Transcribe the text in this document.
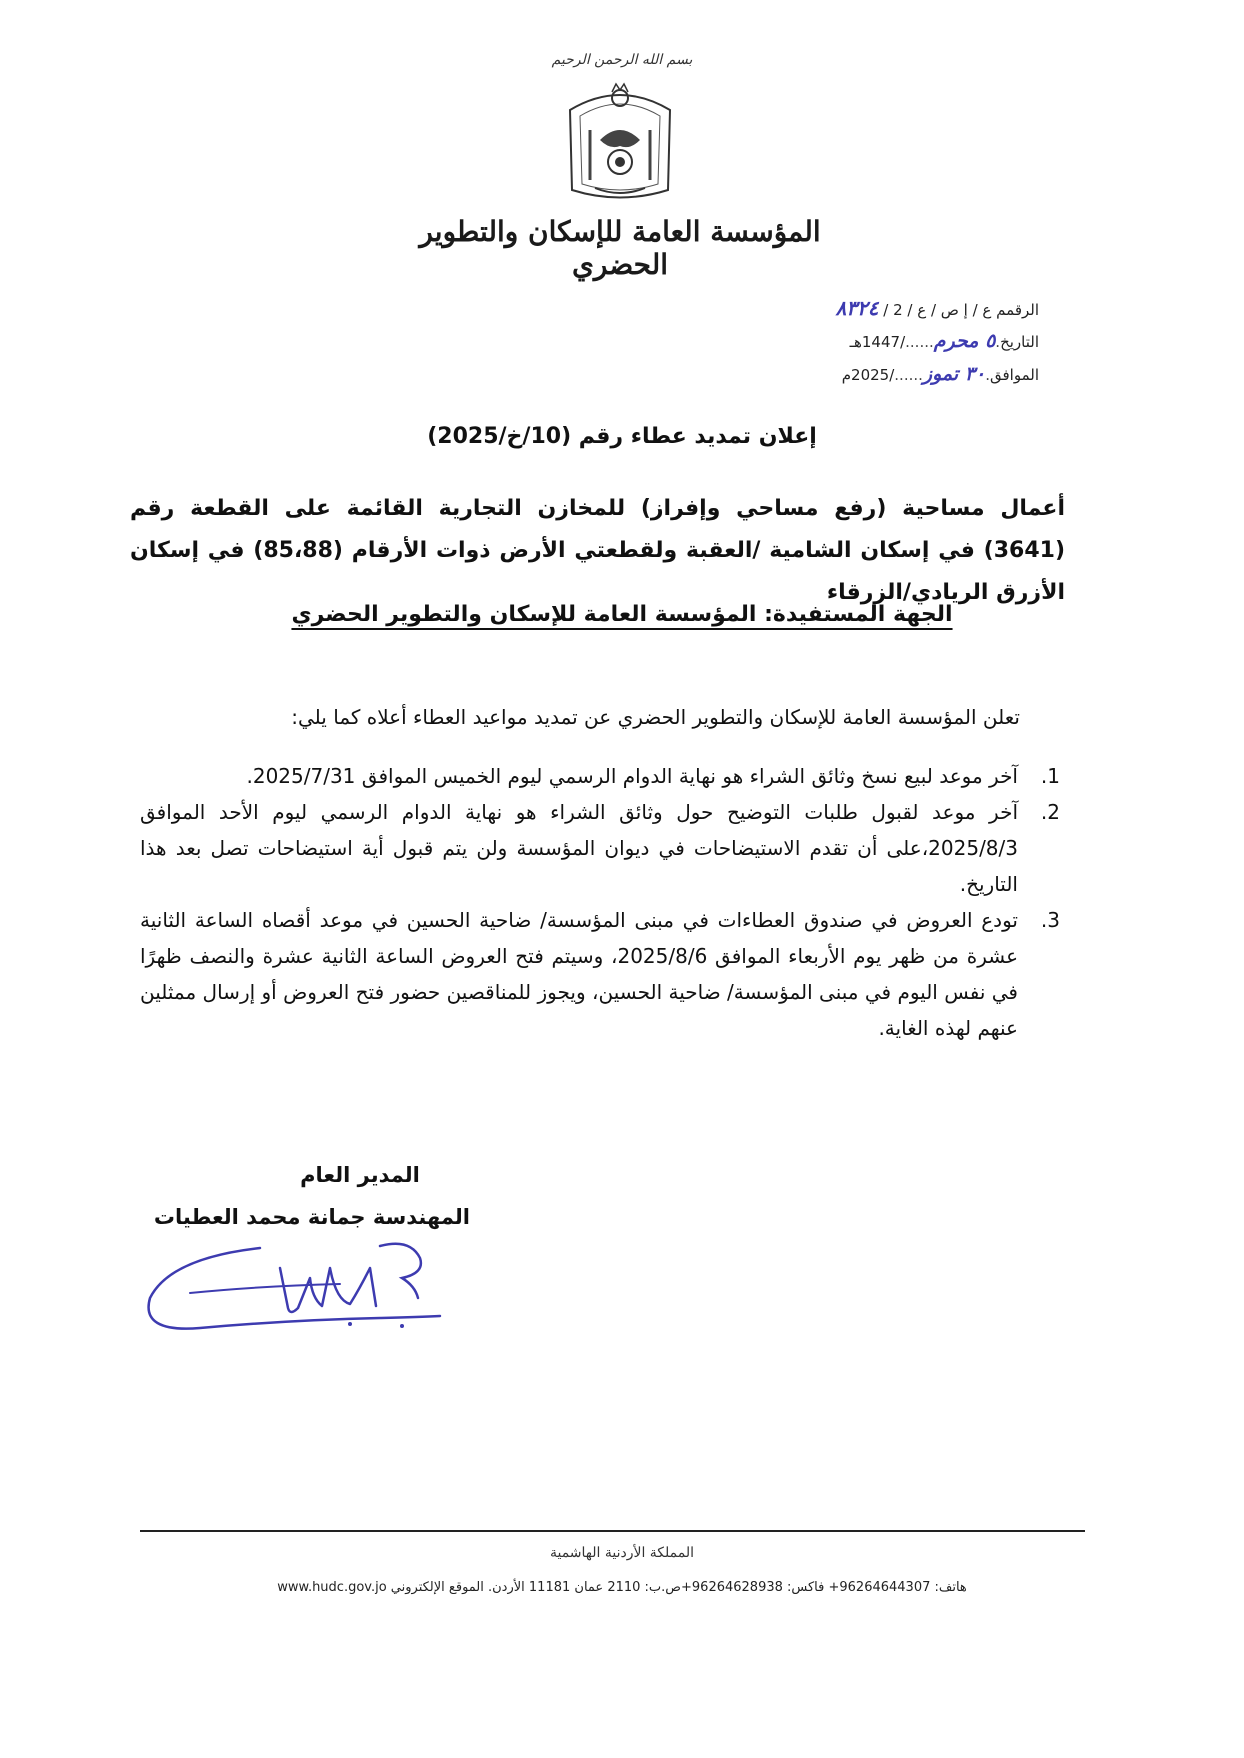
بسم الله الرحمن الرحيم
المؤسسة العامة للإسكان والتطوير الحضري
الرقمم ع / إ ص / ع / 2 / ٨٣٢٤
التاريخ.٥ محرم....../1447هـ
الموافق.٣٠ تموز....../2025م
إعلان تمديد عطاء رقم (10/خ/2025)
أعمال مساحية (رفع مساحي وإفراز) للمخازن التجارية القائمة على القطعة رقم (3641) في إسكان الشامية /العقبة ولقطعتي الأرض ذوات الأرقام (85،88) في إسكان الأزرق الريادي/الزرقاء
الجهة المستفيدة: المؤسسة العامة للإسكان والتطوير الحضري
تعلن المؤسسة العامة للإسكان والتطوير الحضري عن تمديد مواعيد العطاء أعلاه كما يلي:
1.
آخر موعد لبيع نسخ وثائق الشراء هو نهاية الدوام الرسمي ليوم الخميس الموافق 2025/7/31.
2.
آخر موعد لقبول طلبات التوضيح حول وثائق الشراء هو نهاية الدوام الرسمي ليوم الأحد الموافق 2025/8/3،على أن تقدم الاستيضاحات في ديوان المؤسسة ولن يتم قبول أية استيضاحات تصل بعد هذا التاريخ.
3.
تودع العروض في صندوق العطاءات في مبنى المؤسسة/ ضاحية الحسين في موعد أقصاه الساعة الثانية عشرة من ظهر يوم الأربعاء الموافق 2025/8/6، وسيتم فتح العروض الساعة الثانية عشرة والنصف ظهرًا في نفس اليوم في مبنى المؤسسة/ ضاحية الحسين، ويجوز للمناقصين حضور فتح العروض أو إرسال ممثلين عنهم لهذه الغاية.
المدير العام
المهندسة جمانة محمد العطيات
المملكة الأردنية الهاشمية
هاتف: 96264644307+ فاكس: 96264628938+ص.ب: 2110 عمان 11181 الأردن. الموقع الإلكتروني www.hudc.gov.jo
